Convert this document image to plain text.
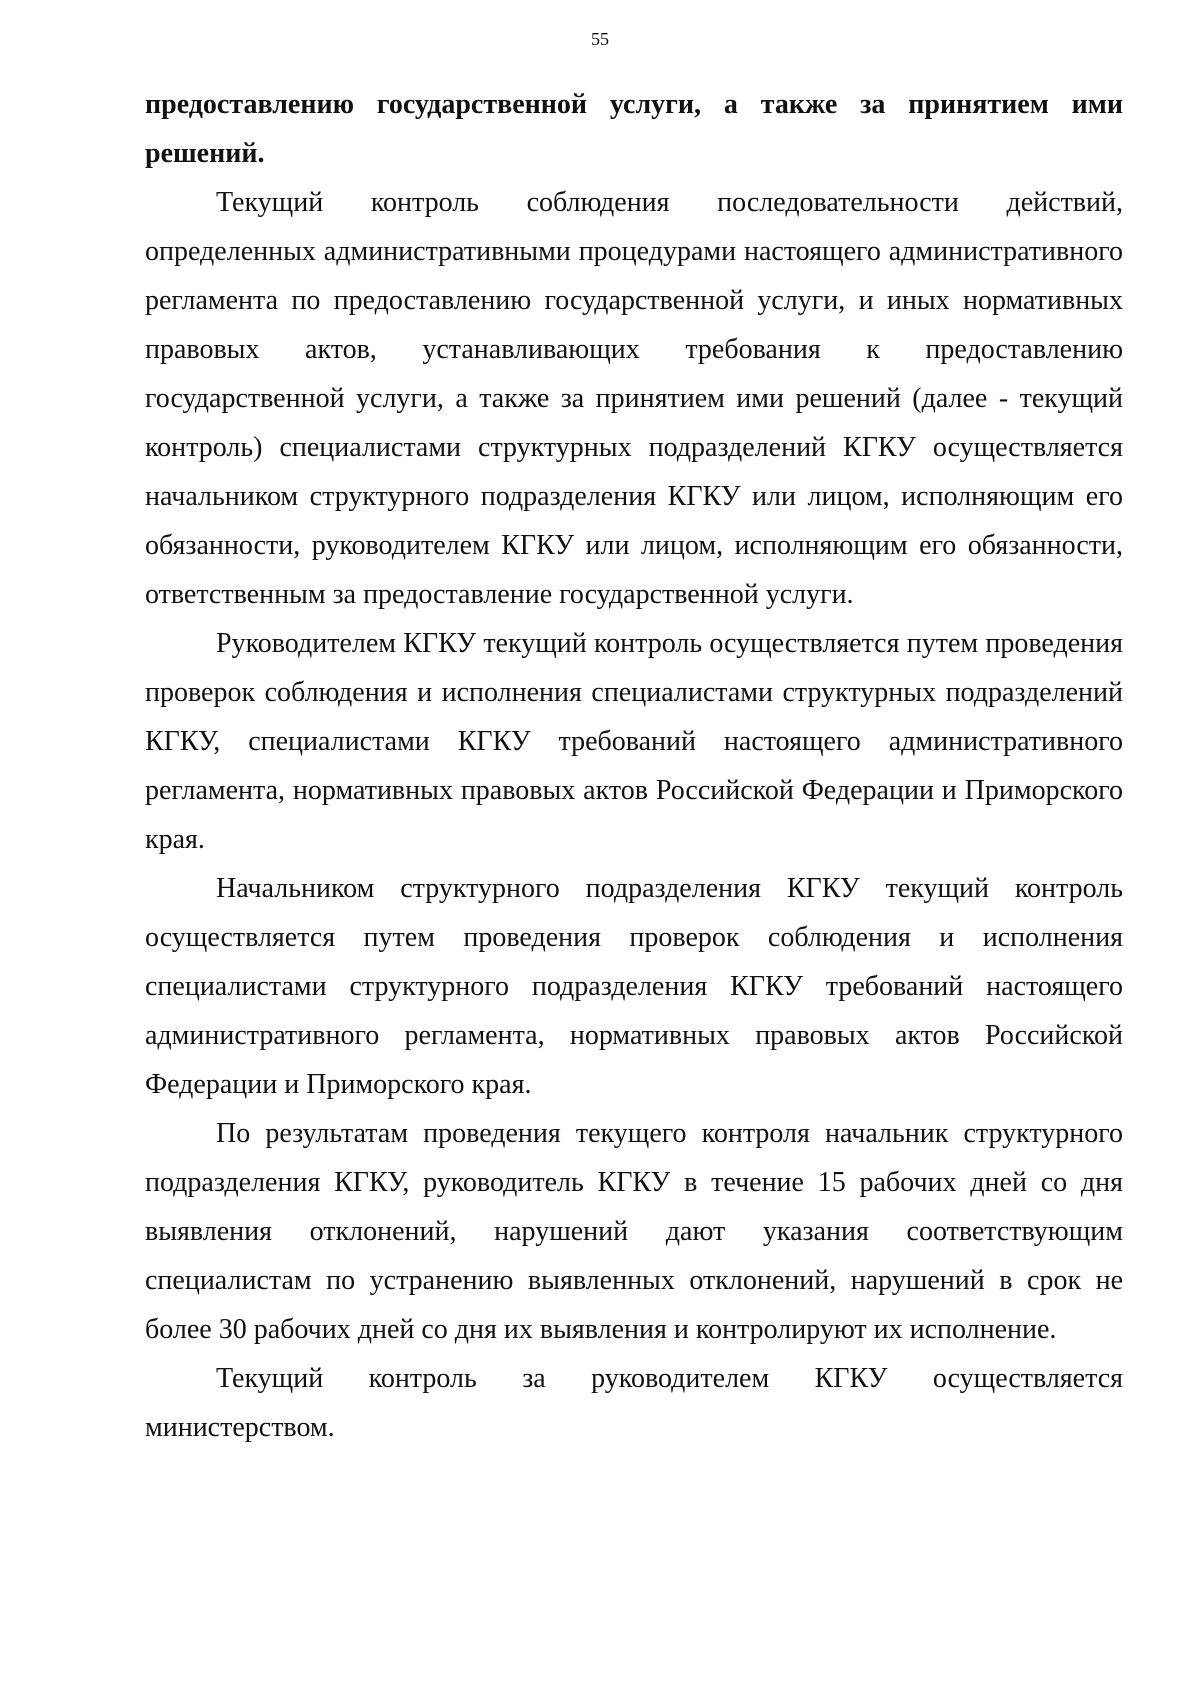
55

предоставлению государственной услуги, а также за принятием ими решений.

Текущий контроль соблюдения последовательности действий, определенных административными процедурами настоящего административного регламента по предоставлению государственной услуги, и иных нормативных правовых актов, устанавливающих требования к предоставлению государственной услуги, а также за принятием ими решений (далее - текущий контроль) специалистами структурных подразделений КГКУ осуществляется начальником структурного подразделения КГКУ или лицом, исполняющим его обязанности, руководителем КГКУ или лицом, исполняющим его обязанности, ответственным за предоставление государственной услуги.

Руководителем КГКУ текущий контроль осуществляется путем проведения проверок соблюдения и исполнения специалистами структурных подразделений КГКУ, специалистами КГКУ требований настоящего административного регламента, нормативных правовых актов Российской Федерации и Приморского края.

Начальником структурного подразделения КГКУ текущий контроль осуществляется путем проведения проверок соблюдения и исполнения специалистами структурного подразделения КГКУ требований настоящего административного регламента, нормативных правовых актов Российской Федерации и Приморского края.

По результатам проведения текущего контроля начальник структурного подразделения КГКУ, руководитель КГКУ в течение 15 рабочих дней со дня выявления отклонений, нарушений дают указания соответствующим специалистам по устранению выявленных отклонений, нарушений в срок не более 30 рабочих дней со дня их выявления и контролируют их исполнение.

Текущий контроль за руководителем КГКУ осуществляется министерством.
